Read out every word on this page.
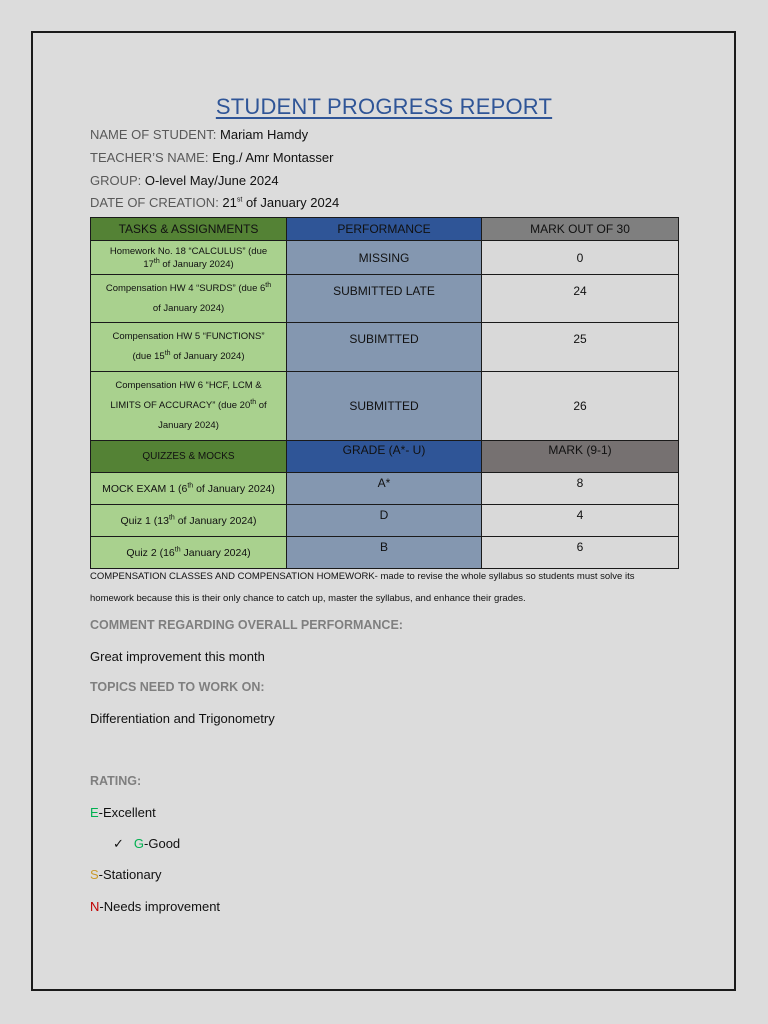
STUDENT PROGRESS REPORT
NAME OF STUDENT: Mariam Hamdy
TEACHER’S NAME: Eng./ Amr Montasser
GROUP: O-level May/June 2024
DATE OF CREATION: 21st of January 2024
TASKS & ASSIGNMENTS	PERFORMANCE	MARK OUT OF 30
Homework No. 18 “CALCULUS” (due
17th of January 2024)	MISSING	0
Compensation HW 4 “SURDS” (due 6th
of January 2024)	SUBMITTED LATE	24
Compensation HW 5 “FUNCTIONS”
(due 15th of January 2024)	SUBIMTTED	25
Compensation HW 6 “HCF, LCM &
LIMITS OF ACCURACY” (due 20th of
January 2024)	SUBMITTED	26
QUIZZES & MOCKS	GRADE (A*- U)	MARK (9-1)
MOCK EXAM 1 (6th of January 2024)	A*	8
Quiz 1 (13th of January 2024)	D	4
Quiz 2 (16th January 2024)	B	6
COMPENSATION CLASSES AND COMPENSATION HOMEWORK- made to revise the whole syllabus so students must solve its
homework because this is their only chance to catch up, master the syllabus, and enhance their grades.
COMMENT REGARDING OVERALL PERFORMANCE:
Great improvement this month
TOPICS NEED TO WORK ON:
Differentiation and Trigonometry
RATING:
E-Excellent
✓ G-Good
S-Stationary
N-Needs improvement
